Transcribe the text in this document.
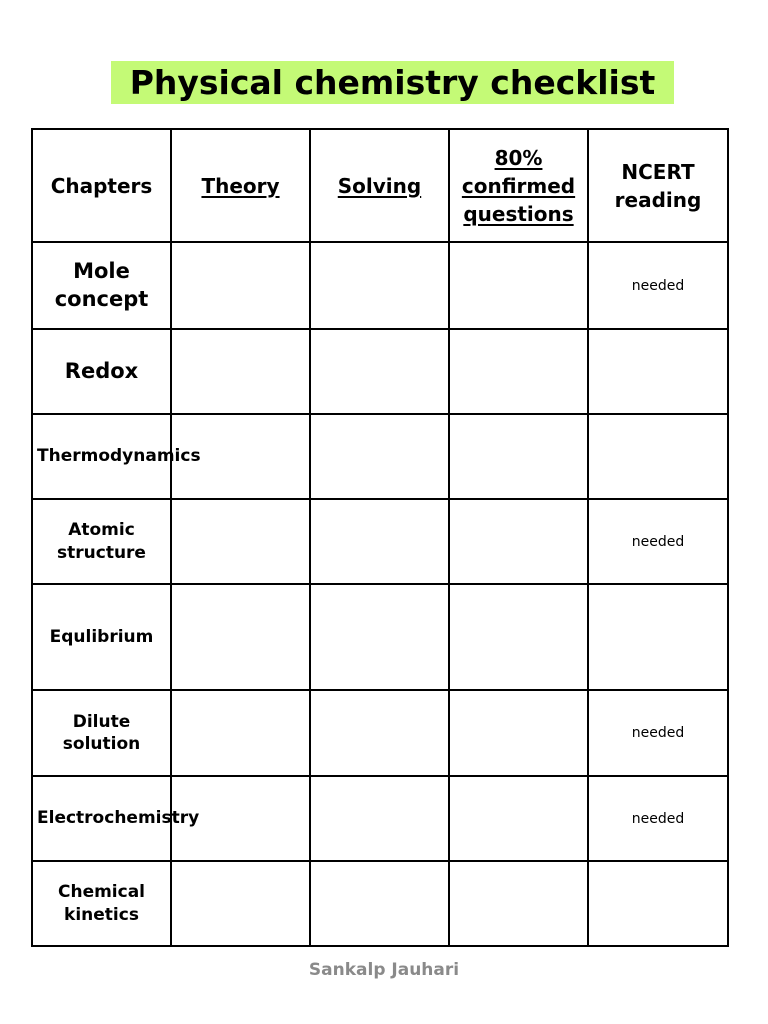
Physical chemistry checklist
Chapters	Theory	Solving	80% confirmed questions	NCERT reading
Mole concept				needed
Redox				
Thermodynamics				
Atomic structure				needed
Equlibrium				
Dilute solution				needed
Electrochemistry				needed
Chemical kinetics				
Sankalp Jauhari
